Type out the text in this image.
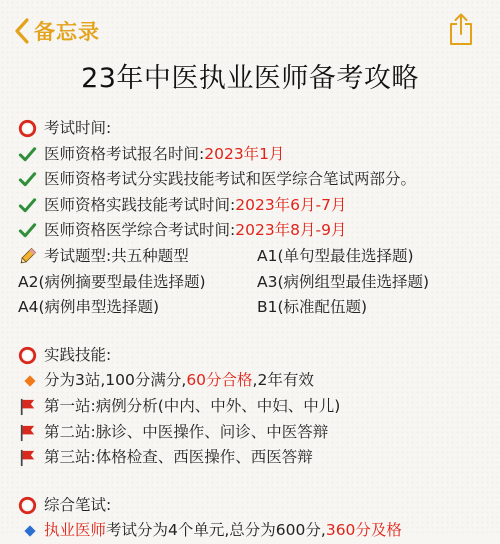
备忘录
23年中医执业医师备考攻略
考试时间:
医师资格考试报名时间:2023年1月
医师资格考试分实践技能考试和医学综合笔试两部分。
医师资格实践技能考试时间:2023年6月-7月
医师资格医学综合考试时间:2023年8月-9月
考试题型:共五种题型	A1(单句型最佳选择题)
A2(病例摘要型最佳选择题)	A3(病例组型最佳选择题)
A4(病例串型选择题)	B1(标准配伍题)
实践技能:
分为3站,100分满分,60分合格,2年有效
第一站:病例分析(中内、中外、中妇、中儿)
第二站:脉诊、中医操作、问诊、中医答辩
第三站:体格检查、西医操作、西医答辩
综合笔试:
执业医师考试分为4个单元,总分为600分,360分及格
